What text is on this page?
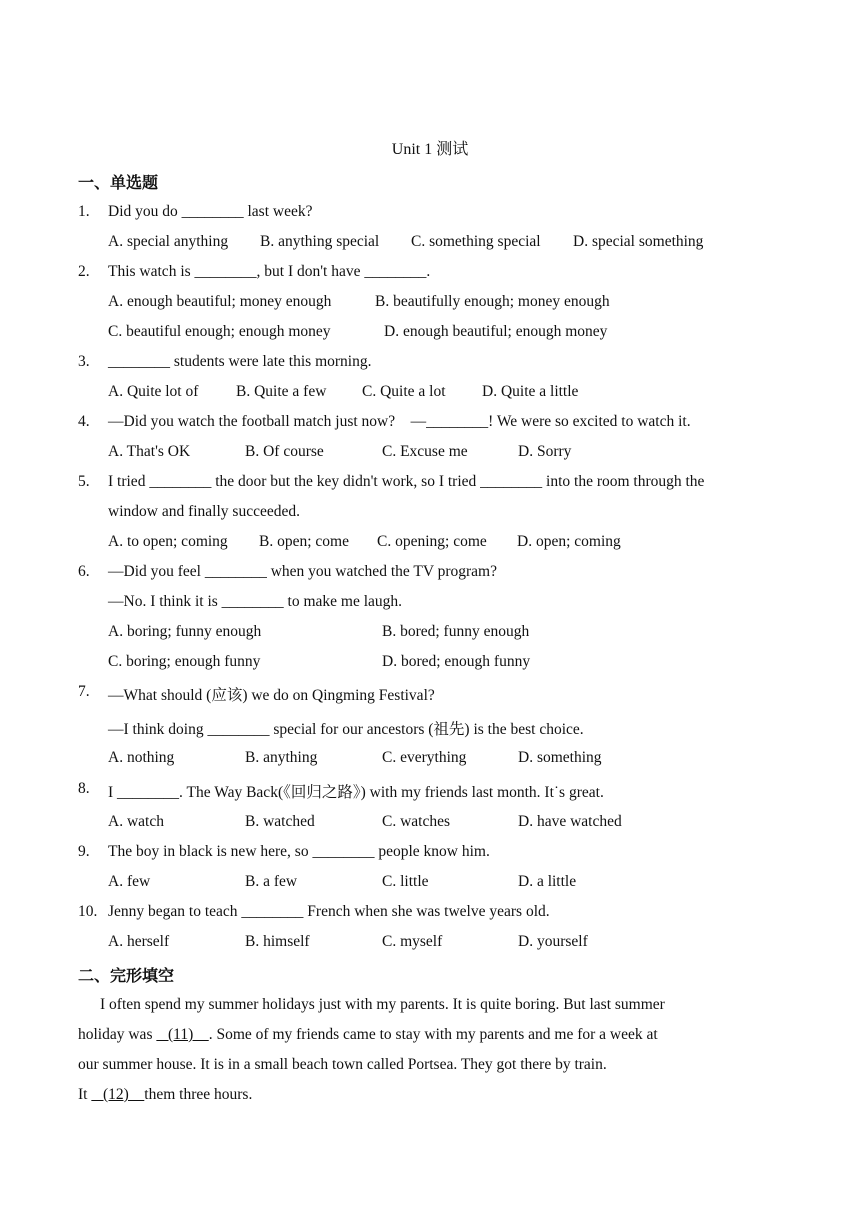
Unit 1 测试
一、单选题
1. Did you do ________ last week?
A. special anything B. anything special C. something special D. special something
2. This watch is ________, but I don't have ________.
A. enough beautiful; money enough	B. beautifully enough; money enough
C. beautiful enough; enough money	D. enough beautiful; enough money
3. ________ students were late this morning.
A. Quite lot of B. Quite a few C. Quite a lot D. Quite a little
4. —Did you watch the football match just now?    —________! We were so excited to watch it.
A. That's OK	B. Of course	C. Excuse me	D. Sorry
5. I tried ________ the door but the key didn't work, so I tried ________ into the room through the
window and finally succeeded.
A. to open; coming B. open; come C. opening; come D. open; coming
6. —Did you feel ________ when you watched the TV program?
—No. I think it is ________ to make me laugh.
A. boring; funny enough	B. bored; funny enough
C. boring; enough funny	D. bored; enough funny
7. —What should (应该) we do on Qingming Festival?
—I think doing ________ special for our ancestors (祖先) is the best choice.
A. nothing	B. anything	C. everything	D. something
8. I ________. The Way Back(《回归之路》) with my friends last month. It˙s great.
A. watch	B. watched	C. watches	D. have watched
9. The boy in black is new here, so ________ people know him.
A. few	B. a few	C. little	D. a little
10. Jenny began to teach ________ French when she was twelve years old.
A. herself	B. himself	C. myself	D. yourself
二、完形填空
I often spend my summer holidays just with my parents. It is quite boring. But last summer
holiday was    (11)    . Some of my friends came to stay with my parents and me for a week at
our summer house. It is in a small beach town called Portsea. They got there by train.
It    (12)    them three hours.
